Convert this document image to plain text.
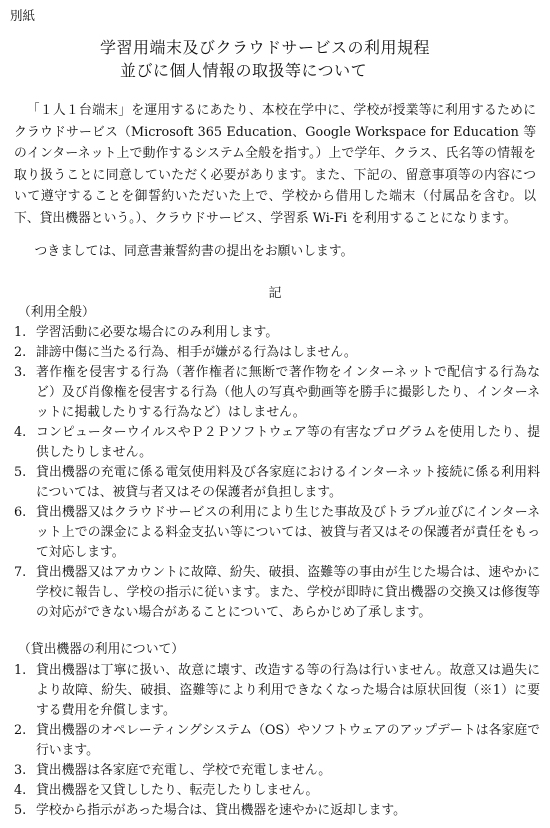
別紙
学習用端末及びクラウドサービスの利用規程
並びに個人情報の取扱等について
「１人１台端末」を運用するにあたり、本校在学中に、学校が授業等に利用するためにクラウドサービス（Microsoft 365 Education、Google Workspace for Education 等のインターネット上で動作するシステム全般を指す。）上で学年、クラス、氏名等の情報を取り扱うことに同意していただく必要があります。また、下記の、留意事項等の内容について遵守することを御誓約いただいた上で、学校から借用した端末（付属品を含む。以下、貸出機器という。）、クラウドサービス、学習系 Wi-Fi を利用することになります。
つきましては、同意書兼誓約書の提出をお願いします。
記
（利用全般）
1. 学習活動に必要な場合にのみ利用します。
2. 誹謗中傷に当たる行為、相手が嫌がる行為はしません。
3. 著作権を侵害する行為（著作権者に無断で著作物をインターネットで配信する行為など）及び肖像権を侵害する行為（他人の写真や動画等を勝手に撮影したり、インターネットに掲載したりする行為など）はしません。
4. コンピューターウイルスやＰ２Ｐソフトウェア等の有害なプログラムを使用したり、提供したりしません。
5. 貸出機器の充電に係る電気使用料及び各家庭におけるインターネット接続に係る利用料については、被貸与者又はその保護者が負担します。
6. 貸出機器又はクラウドサービスの利用により生じた事故及びトラブル並びにインターネット上での課金による料金支払い等については、被貸与者又はその保護者が責任をもって対応します。
7. 貸出機器又はアカウントに故障、紛失、破損、盗難等の事由が生じた場合は、速やかに学校に報告し、学校の指示に従います。また、学校が即時に貸出機器の交換又は修復等の対応ができない場合があることについて、あらかじめ了承します。
（貸出機器の利用について）
1. 貸出機器は丁寧に扱い、故意に壊す、改造する等の行為は行いません。故意又は過失により故障、紛失、破損、盗難等により利用できなくなった場合は原状回復（※1）に要する費用を弁償します。
2. 貸出機器のオペレーティングシステム（OS）やソフトウェアのアップデートは各家庭で行います。
3. 貸出機器は各家庭で充電し、学校で充電しません。
4. 貸出機器を又貸ししたり、転売したりしません。
5. 学校から指示があった場合は、貸出機器を速やかに返却します。
